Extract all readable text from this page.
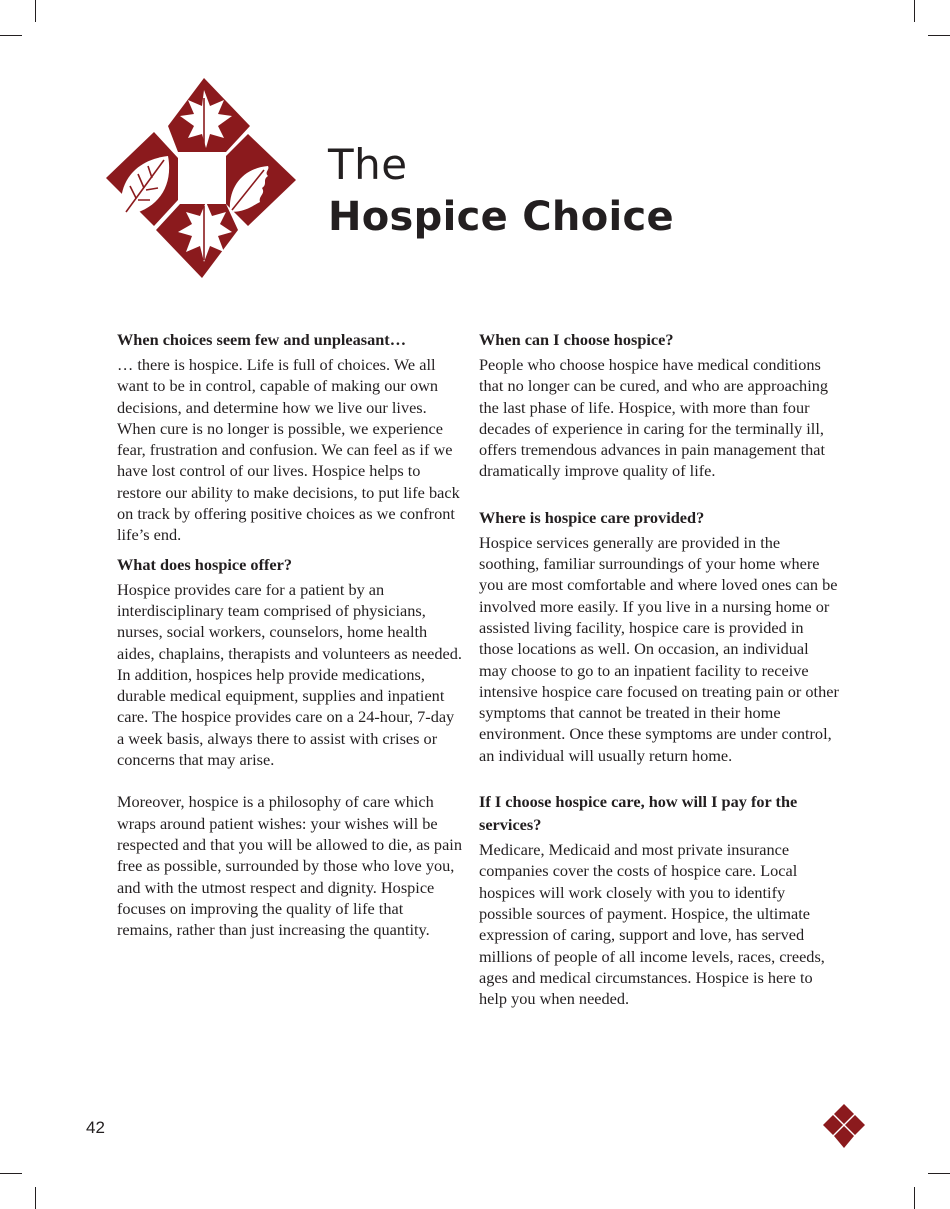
The
Hospice Choice
When choices seem few and unpleasant…

… there is hospice. Life is full of choices. We all want to be in control, capable of making our own decisions, and determine how we live our lives. When cure is no longer is possible, we experience fear, frustration and confusion. We can feel as if we have lost control of our lives. Hospice helps to restore our ability to make decisions, to put life back on track by offering positive choices as we confront life’s end.

What does hospice offer?

Hospice provides care for a patient by an interdisciplinary team comprised of physicians, nurses, social workers, counselors, home health aides, chaplains, therapists and volunteers as needed. In addition, hospices help provide medications, durable medical equipment, supplies and inpatient care. The hospice provides care on a 24-hour, 7-day a week basis, always there to assist with crises or concerns that may arise.

Moreover, hospice is a philosophy of care which wraps around patient wishes: your wishes will be respected and that you will be allowed to die, as pain free as possible, surrounded by those who love you, and with the utmost respect and dignity. Hospice focuses on improving the quality of life that remains, rather than just increasing the quantity.

When can I choose hospice?

People who choose hospice have medical conditions that no longer can be cured, and who are approaching the last phase of life. Hospice, with more than four decades of experience in caring for the terminally ill, offers tremendous advances in pain management that dramatically improve quality of life.

Where is hospice care provided?

Hospice services generally are provided in the soothing, familiar surroundings of your home where you are most comfortable and where loved ones can be involved more easily. If you live in a nursing home or assisted living facility, hospice care is provided in those locations as well. On occasion, an individual may choose to go to an inpatient facility to receive intensive hospice care focused on treating pain or other symptoms that cannot be treated in their home environment. Once these symptoms are under control, an individual will usually return home.

If I choose hospice care, how will I pay for the services?

Medicare, Medicaid and most private insurance companies cover the costs of hospice care. Local hospices will work closely with you to identify possible sources of payment. Hospice, the ultimate expression of caring, support and love, has served millions of people of all income levels, races, creeds, ages and medical circumstances. Hospice is here to help you when needed.

42
